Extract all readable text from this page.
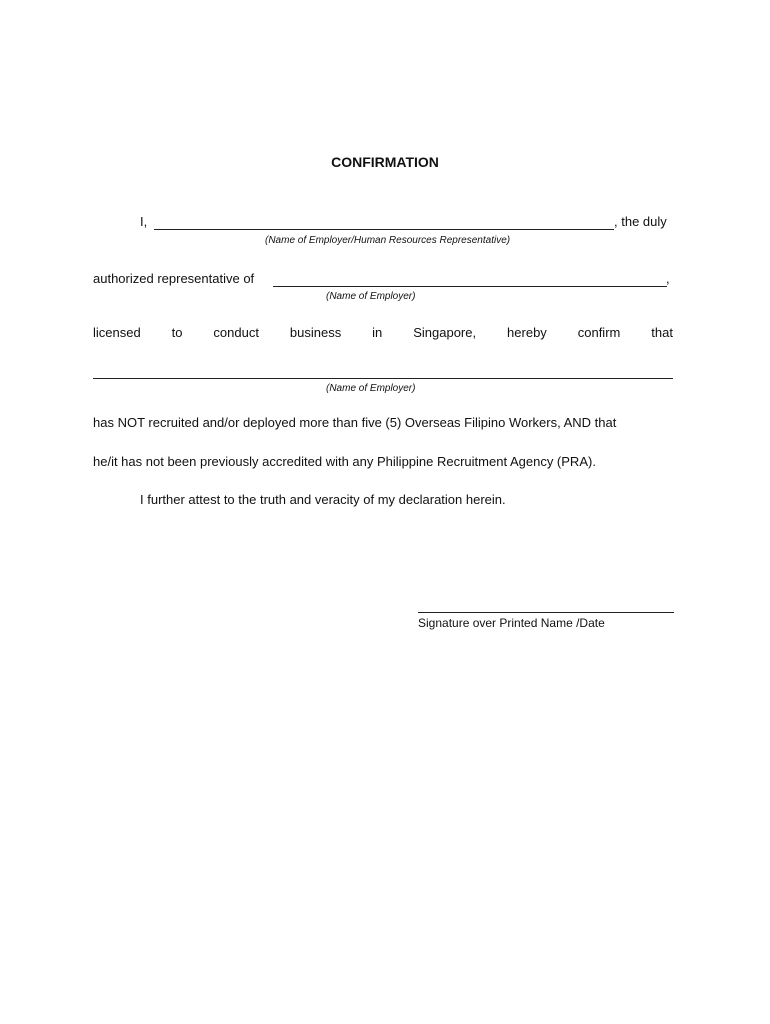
CONFIRMATION
I,	, the duly
(Name of Employer/Human Resources Representative)
authorized representative of	,
(Name of Employer)
licensed to conduct business in Singapore, hereby confirm that
(Name of Employer)
has NOT recruited and/or deployed more than five (5) Overseas Filipino Workers, AND that
he/it has not been previously accredited with any Philippine Recruitment Agency (PRA).
I further attest to the truth and veracity of my declaration herein.
Signature over Printed Name /Date
